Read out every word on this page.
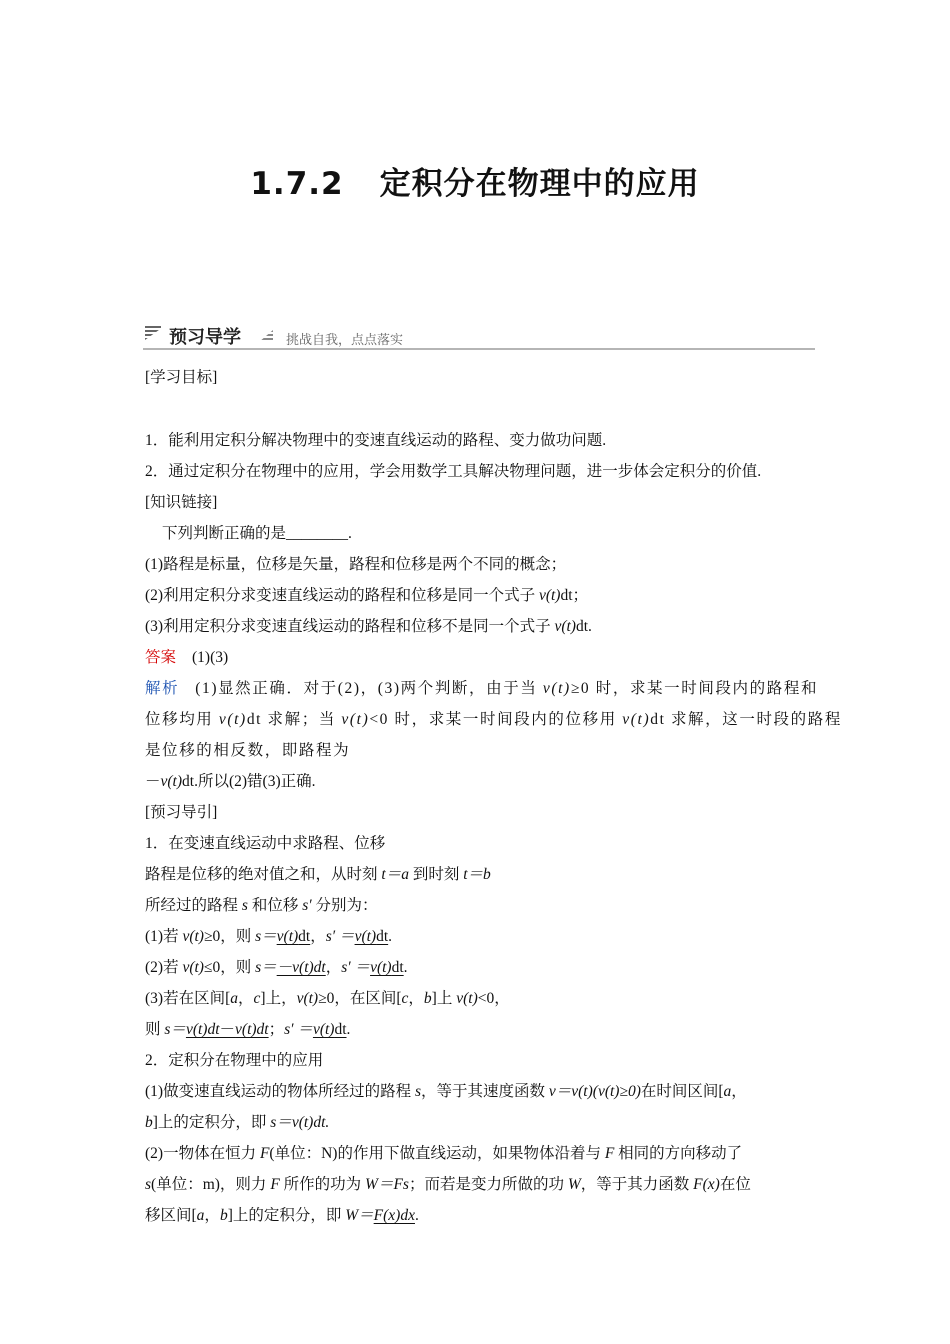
1.7.2 定积分在物理中的应用
预习导学	挑战自我，点点落实
[学习目标]
1．能利用定积分解决物理中的变速直线运动的路程、变力做功问题.
2．通过定积分在物理中的应用，学会用数学工具解决物理问题，进一步体会定积分的价值.
[知识链接]
下列判断正确的是________.
(1)路程是标量，位移是矢量，路程和位移是两个不同的概念；
(2)利用定积分求变速直线运动的路程和位移是同一个式子 v(t)dt；
(3)利用定积分求变速直线运动的路程和位移不是同一个式子 v(t)dt.
答案 (1)(3)
解析 (1)显然正确．对于(2)，(3)两个判断，由于当 v(t)≥0 时，求某一时间段内的路程和
位移均用 v(t)dt 求解；当 v(t)<0 时，求某一时间段内的位移用 v(t)dt 求解，这一时段的路程
是位移的相反数，即路程为
－v(t)dt.所以(2)错(3)正确.
[预习导引]
1．在变速直线运动中求路程、位移
路程是位移的绝对值之和，从时刻 t＝a 到时刻 t＝b
所经过的路程 s 和位移 s′ 分别为：
(1)若 v(t)≥0，则 s＝v(t)dt，s′ ＝v(t)dt.
(2)若 v(t)≤0，则 s＝－v(t)dt，s′ ＝v(t)dt.
(3)若在区间[a，c]上，v(t)≥0，在区间[c，b]上 v(t)<0，
则 s＝v(t)dt－v(t)dt；s′ ＝v(t)dt.
2．定积分在物理中的应用
(1)做变速直线运动的物体所经过的路程 s，等于其速度函数 v＝v(t)(v(t)≥0)在时间区间[a，
b]上的定积分，即 s＝v(t)dt.
(2)一物体在恒力 F(单位：N)的作用下做直线运动，如果物体沿着与 F 相同的方向移动了
s(单位：m)，则力 F 所作的功为 W＝Fs；而若是变力所做的功 W，等于其力函数 F(x)在位
移区间[a，b]上的定积分，即 W＝F(x)dx.
